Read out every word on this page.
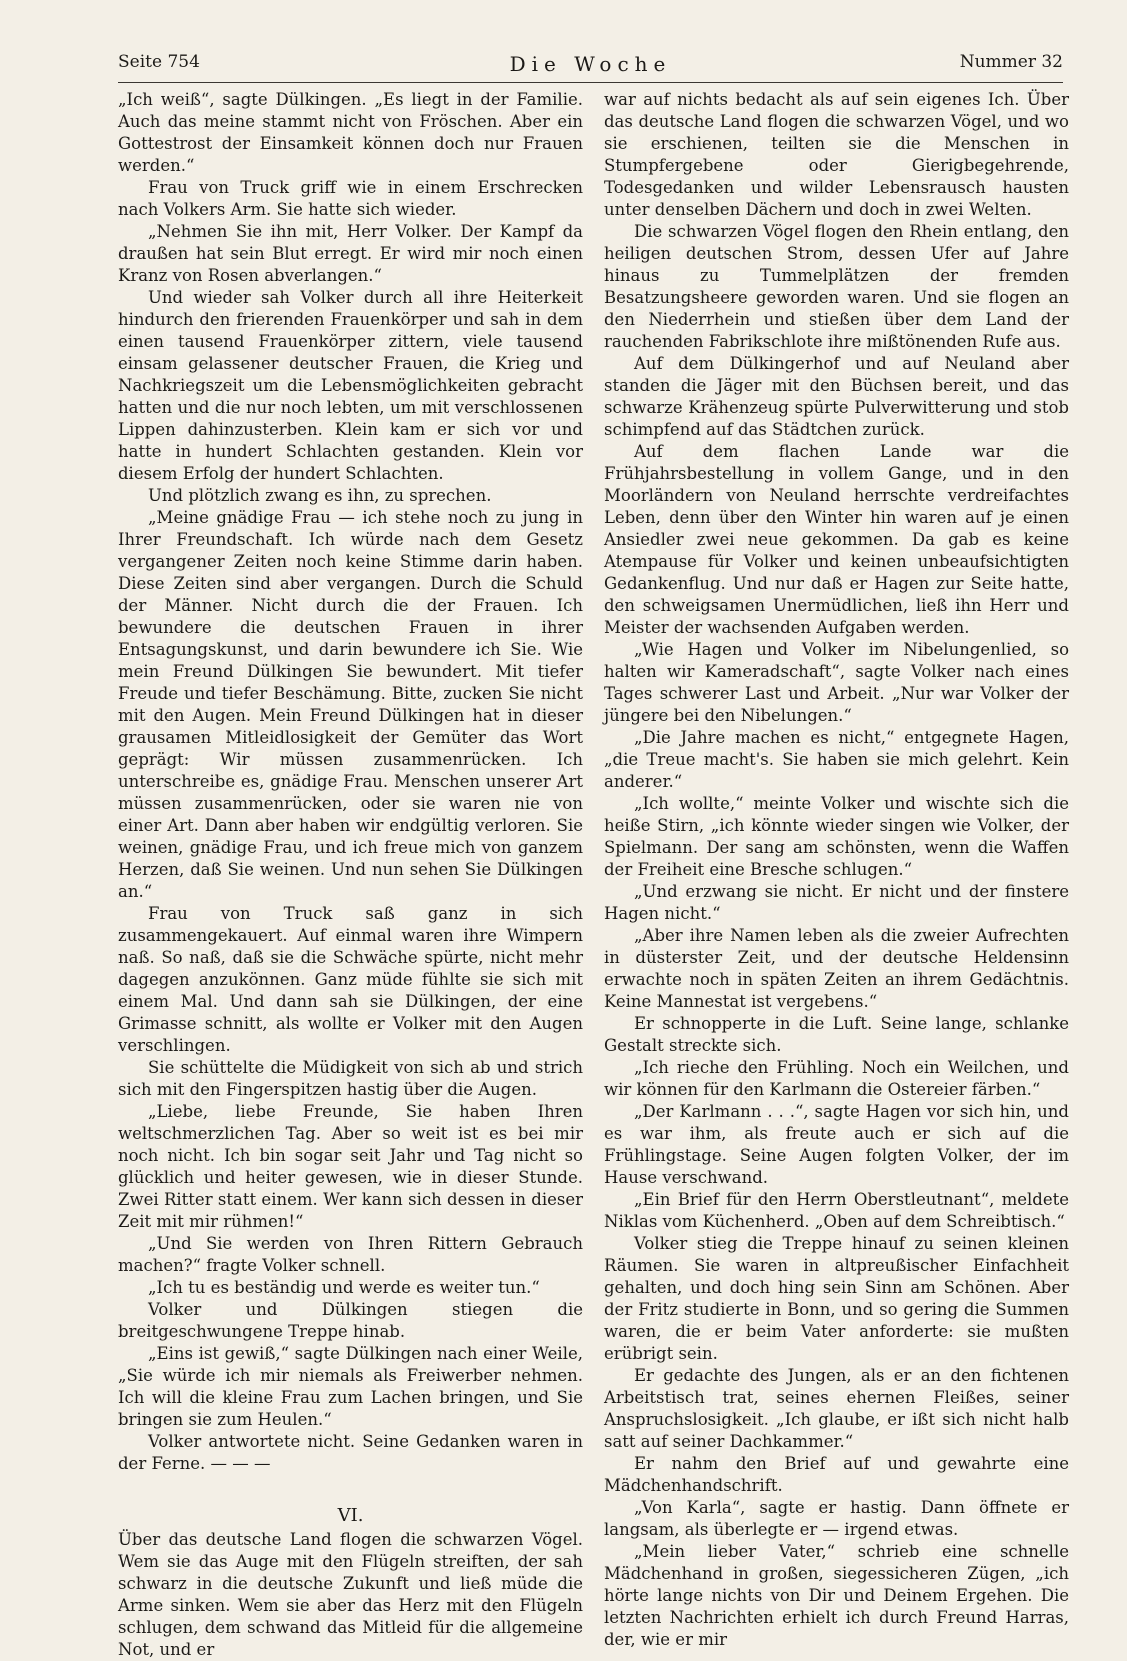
Seite 754	Die Woche	Nummer 32

„Ich weiß“, sagte Dülkingen. „Es liegt in der Familie. Auch das meine stammt nicht von Fröschen. Aber ein Gottestrost der Einsamkeit können doch nur Frauen werden.“

Frau von Truck griff wie in einem Erschrecken nach Volkers Arm. Sie hatte sich wieder.

„Nehmen Sie ihn mit, Herr Volker. Der Kampf da draußen hat sein Blut erregt. Er wird mir noch einen Kranz von Rosen abverlangen.“

Und wieder sah Volker durch all ihre Heiterkeit hindurch den frierenden Frauenkörper und sah in dem einen tausend Frauenkörper zittern, viele tausend einsam gelassener deutscher Frauen, die Krieg und Nachkriegszeit um die Lebensmöglichkeiten gebracht hatten und die nur noch lebten, um mit verschlossenen Lippen dahinzusterben. Klein kam er sich vor und hatte in hundert Schlachten gestanden. Klein vor diesem Erfolg der hundert Schlachten.

Und plötzlich zwang es ihn, zu sprechen.

„Meine gnädige Frau — ich stehe noch zu jung in Ihrer Freundschaft. Ich würde nach dem Gesetz vergangener Zeiten noch keine Stimme darin haben. Diese Zeiten sind aber vergangen. Durch die Schuld der Männer. Nicht durch die der Frauen. Ich bewundere die deutschen Frauen in ihrer Entsagungskunst, und darin bewundere ich Sie. Wie mein Freund Dülkingen Sie bewundert. Mit tiefer Freude und tiefer Beschämung. Bitte, zucken Sie nicht mit den Augen. Mein Freund Dülkingen hat in dieser grausamen Mitleidlosigkeit der Gemüter das Wort geprägt: Wir müssen zusammenrücken. Ich unterschreibe es, gnädige Frau. Menschen unserer Art müssen zusammenrücken, oder sie waren nie von einer Art. Dann aber haben wir endgültig verloren. Sie weinen, gnädige Frau, und ich freue mich von ganzem Herzen, daß Sie weinen. Und nun sehen Sie Dülkingen an.“

Frau von Truck saß ganz in sich zusammengekauert. Auf einmal waren ihre Wimpern naß. So naß, daß sie die Schwäche spürte, nicht mehr dagegen anzukönnen. Ganz müde fühlte sie sich mit einem Mal. Und dann sah sie Dülkingen, der eine Grimasse schnitt, als wollte er Volker mit den Augen verschlingen.

Sie schüttelte die Müdigkeit von sich ab und strich sich mit den Fingerspitzen hastig über die Augen.

„Liebe, liebe Freunde, Sie haben Ihren weltschmerzlichen Tag. Aber so weit ist es bei mir noch nicht. Ich bin sogar seit Jahr und Tag nicht so glücklich und heiter gewesen, wie in dieser Stunde. Zwei Ritter statt einem. Wer kann sich dessen in dieser Zeit mit mir rühmen!“

„Und Sie werden von Ihren Rittern Gebrauch machen?“ fragte Volker schnell.

„Ich tu es beständig und werde es weiter tun.“

Volker und Dülkingen stiegen die breitgeschwungene Treppe hinab.

„Eins ist gewiß,“ sagte Dülkingen nach einer Weile, „Sie würde ich mir niemals als Freiwerber nehmen. Ich will die kleine Frau zum Lachen bringen, und Sie bringen sie zum Heulen.“

Volker antwortete nicht. Seine Gedanken waren in der Ferne. — — —

VI.

Über das deutsche Land flogen die schwarzen Vögel. Wem sie das Auge mit den Flügeln streiften, der sah schwarz in die deutsche Zukunft und ließ müde die Arme sinken. Wem sie aber das Herz mit den Flügeln schlugen, dem schwand das Mitleid für die allgemeine Not, und er

war auf nichts bedacht als auf sein eigenes Ich. Über das deutsche Land flogen die schwarzen Vögel, und wo sie erschienen, teilten sie die Menschen in Stumpfergebene oder Gierigbegehrende, Todesgedanken und wilder Lebensrausch hausten unter denselben Dächern und doch in zwei Welten.

Die schwarzen Vögel flogen den Rhein entlang, den heiligen deutschen Strom, dessen Ufer auf Jahre hinaus zu Tummelplätzen der fremden Besatzungsheere geworden waren. Und sie flogen an den Niederrhein und stießen über dem Land der rauchenden Fabrikschlote ihre mißtönenden Rufe aus.

Auf dem Dülkingerhof und auf Neuland aber standen die Jäger mit den Büchsen bereit, und das schwarze Krähenzeug spürte Pulverwitterung und stob schimpfend auf das Städtchen zurück.

Auf dem flachen Lande war die Frühjahrsbestellung in vollem Gange, und in den Moorländern von Neuland herrschte verdreifachtes Leben, denn über den Winter hin waren auf je einen Ansiedler zwei neue gekommen. Da gab es keine Atempause für Volker und keinen unbeaufsichtigten Gedankenflug. Und nur daß er Hagen zur Seite hatte, den schweigsamen Unermüdlichen, ließ ihn Herr und Meister der wachsenden Aufgaben werden.

„Wie Hagen und Volker im Nibelungenlied, so halten wir Kameradschaft“, sagte Volker nach eines Tages schwerer Last und Arbeit. „Nur war Volker der jüngere bei den Nibelungen.“

„Die Jahre machen es nicht,“ entgegnete Hagen, „die Treue macht's. Sie haben sie mich gelehrt. Kein anderer.“

„Ich wollte,“ meinte Volker und wischte sich die heiße Stirn, „ich könnte wieder singen wie Volker, der Spielmann. Der sang am schönsten, wenn die Waffen der Freiheit eine Bresche schlugen.“

„Und erzwang sie nicht. Er nicht und der finstere Hagen nicht.“

„Aber ihre Namen leben als die zweier Aufrechten in düsterster Zeit, und der deutsche Heldensinn erwachte noch in späten Zeiten an ihrem Gedächtnis. Keine Mannestat ist vergebens.“

Er schnopperte in die Luft. Seine lange, schlanke Gestalt streckte sich.

„Ich rieche den Frühling. Noch ein Weilchen, und wir können für den Karlmann die Ostereier färben.“

„Der Karlmann . . .“, sagte Hagen vor sich hin, und es war ihm, als freute auch er sich auf die Frühlingstage. Seine Augen folgten Volker, der im Hause verschwand.

„Ein Brief für den Herrn Oberstleutnant“, meldete Niklas vom Küchenherd. „Oben auf dem Schreibtisch.“

Volker stieg die Treppe hinauf zu seinen kleinen Räumen. Sie waren in altpreußischer Einfachheit gehalten, und doch hing sein Sinn am Schönen. Aber der Fritz studierte in Bonn, und so gering die Summen waren, die er beim Vater anforderte: sie mußten erübrigt sein.

Er gedachte des Jungen, als er an den fichtenen Arbeitstisch trat, seines ehernen Fleißes, seiner Anspruchslosigkeit. „Ich glaube, er ißt sich nicht halb satt auf seiner Dachkammer.“

Er nahm den Brief auf und gewahrte eine Mädchenhandschrift.

„Von Karla“, sagte er hastig. Dann öffnete er langsam, als überlegte er — irgend etwas.

„Mein lieber Vater,“ schrieb eine schnelle Mädchenhand in großen, siegessicheren Zügen, „ich hörte lange nichts von Dir und Deinem Ergehen. Die letzten Nachrichten erhielt ich durch Freund Harras, der, wie er mir
